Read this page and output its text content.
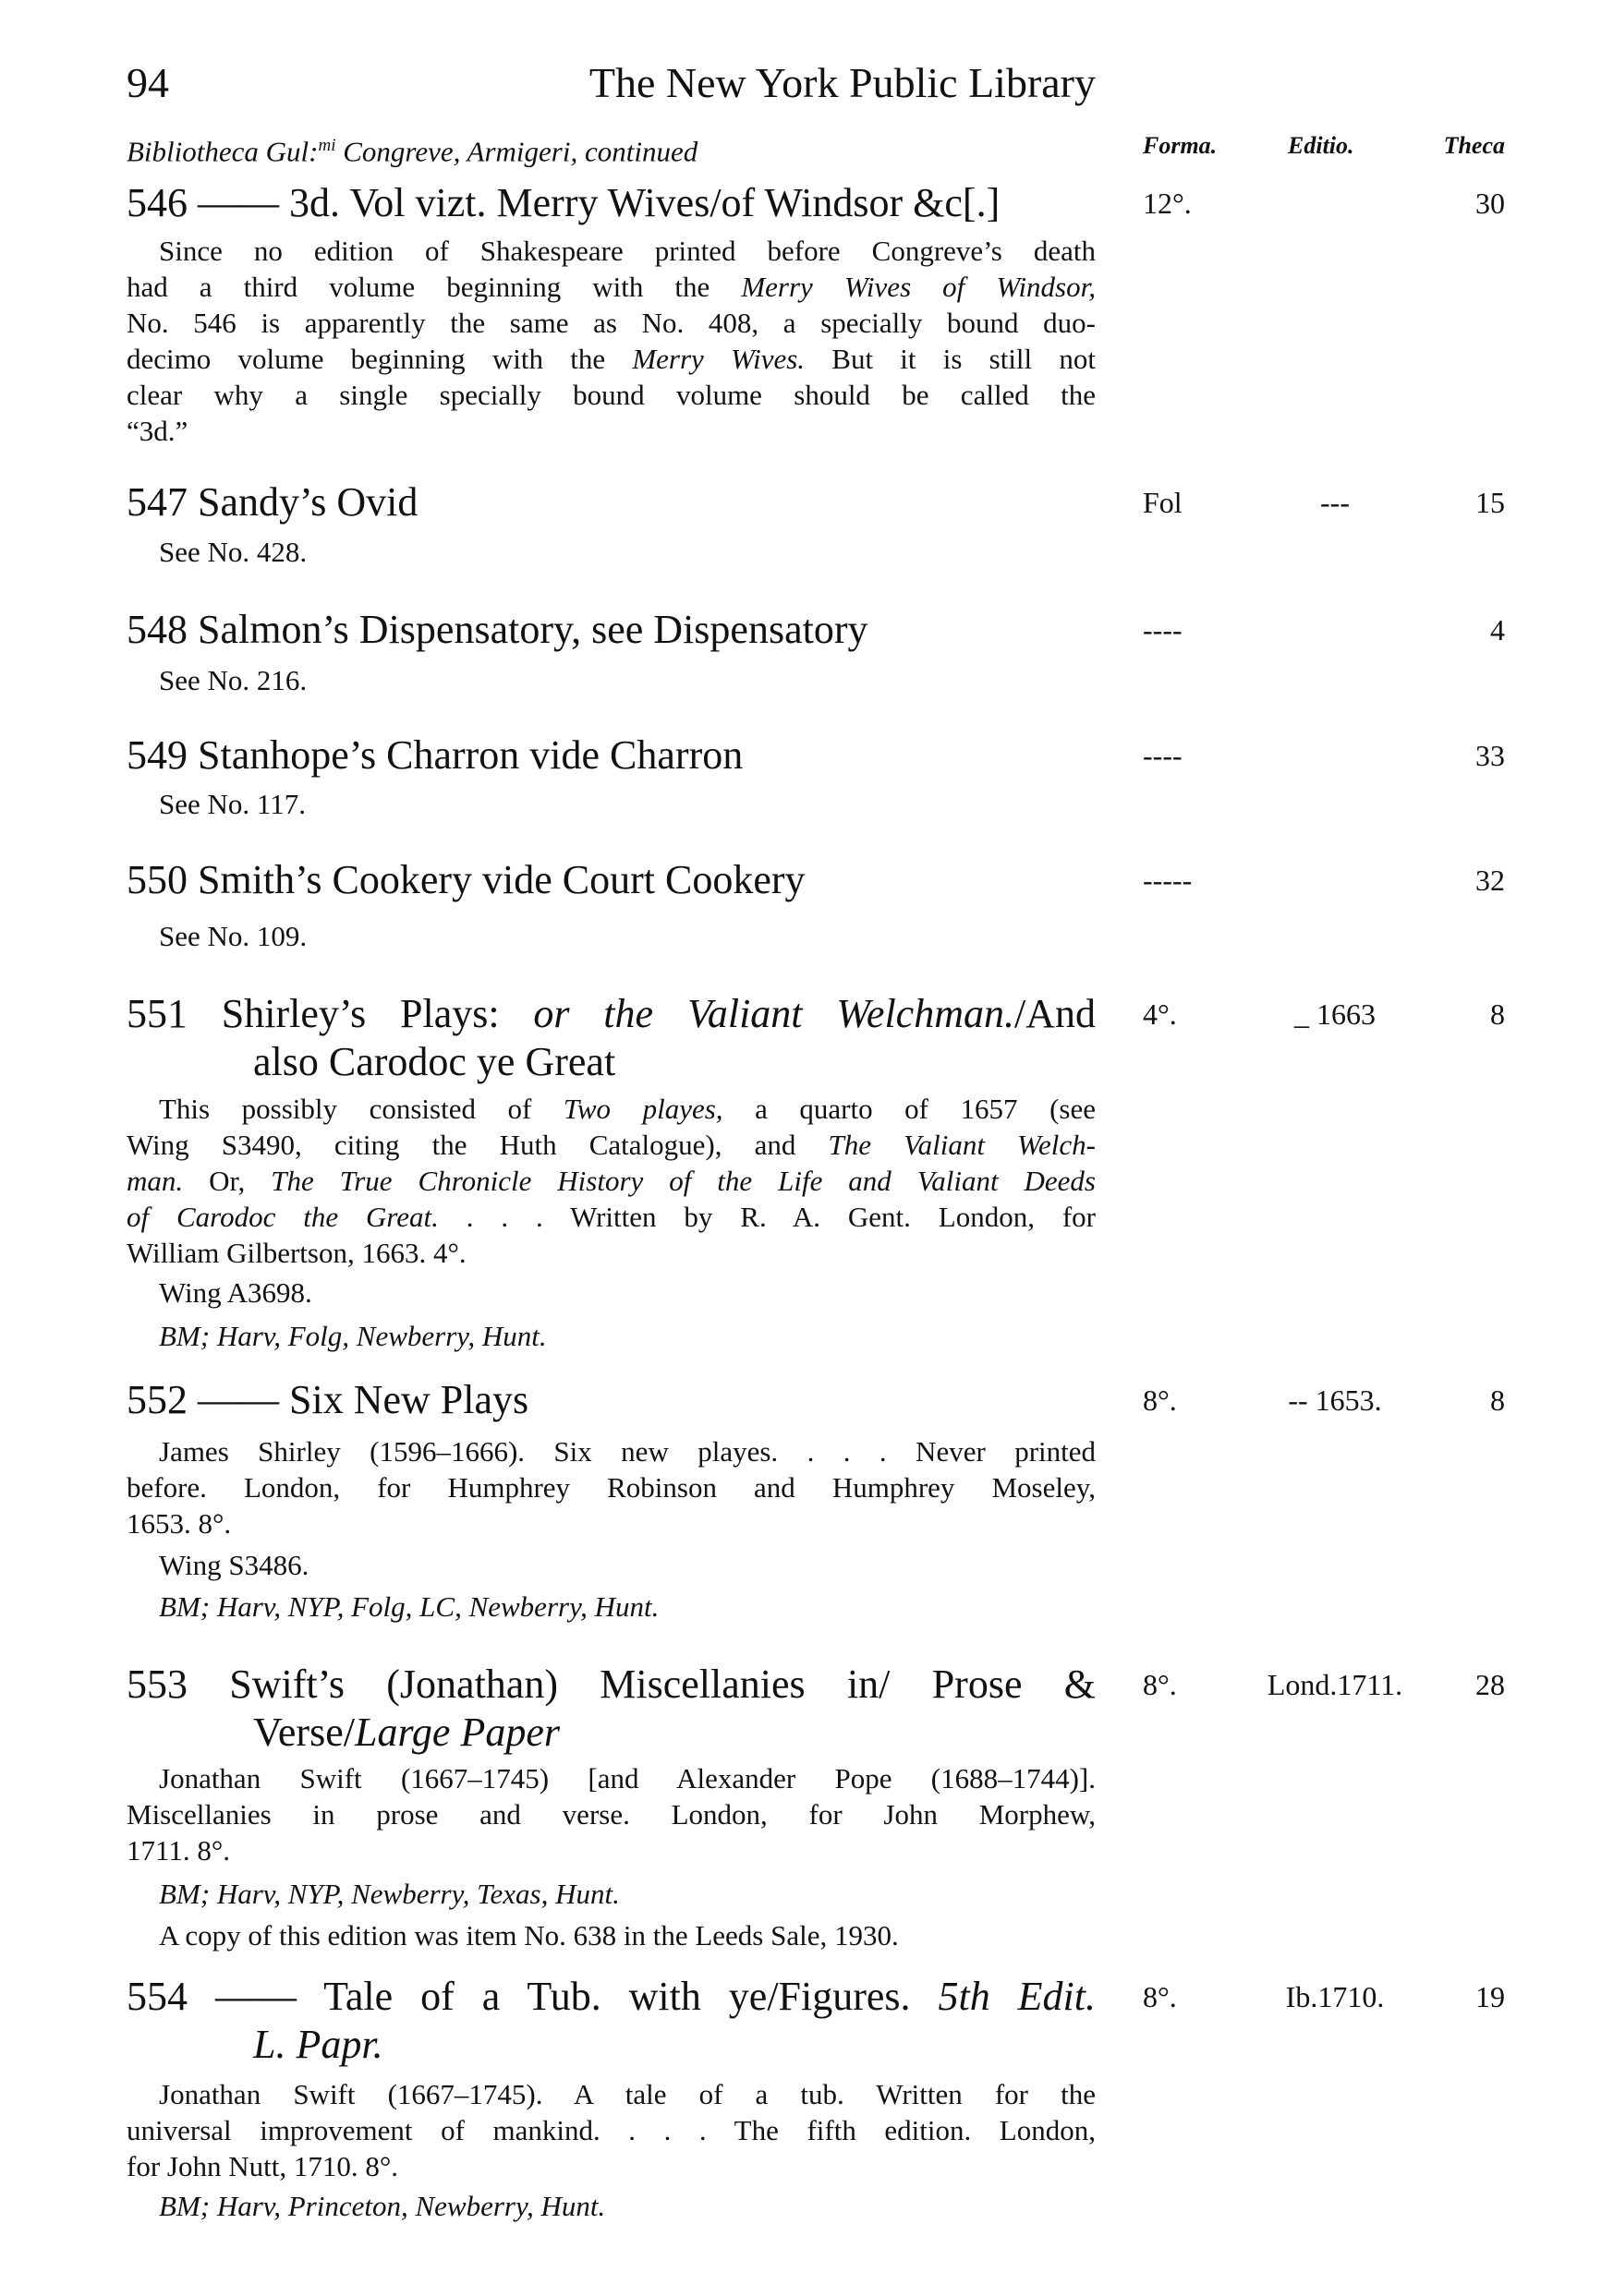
94	The New York Public Library
Bibliotheca Gul:$^{mi}$ Congreve, Armigeri, continued	Forma.	Editio.	Theca
546 —— 3d. Vol vizt. Merry Wives/of Windsor &c[.]	12°.	30
Since no edition of Shakespeare printed before Congreve’s death
had a third volume beginning with the Merry Wives of Windsor,
No. 546 is apparently the same as No. 408, a specially bound duo-
decimo volume beginning with the Merry Wives. But it is still not
clear why a single specially bound volume should be called the
“3d.”
547 Sandy’s Ovid	Fol	---	15
See No. 428.
548 Salmon’s Dispensatory, see Dispensatory	----	4
See No. 216.
549 Stanhope’s Charron vide Charron	----	33
See No. 117.
550 Smith’s Cookery vide Court Cookery	-----	32
See No. 109.
551 Shirley’s Plays: or the Valiant Welchman./And
also Carodoc ye Great
4°.	_ 1663	8
This possibly consisted of Two playes, a quarto of 1657 (see
Wing S3490, citing the Huth Catalogue), and The Valiant Welch-
man. Or, The True Chronicle History of the Life and Valiant Deeds
of Carodoc the Great. . . . Written by R. A. Gent. London, for
William Gilbertson, 1663. 4°.
Wing A3698.
BM; Harv, Folg, Newberry, Hunt.
552 —— Six New Plays	8°.	-- 1653.	8
James Shirley (1596–1666). Six new playes. . . . Never printed
before. London, for Humphrey Robinson and Humphrey Moseley,
1653. 8°.
Wing S3486.
BM; Harv, NYP, Folg, LC, Newberry, Hunt.
553 Swift’s (Jonathan) Miscellanies in/ Prose &
Verse/Large Paper
8°.	Lond.1711.	28
Jonathan Swift (1667–1745) [and Alexander Pope (1688–1744)].
Miscellanies in prose and verse. London, for John Morphew,
1711. 8°.
BM; Harv, NYP, Newberry, Texas, Hunt.
A copy of this edition was item No. 638 in the Leeds Sale, 1930.
554 —— Tale of a Tub. with ye/Figures. 5th Edit.
L. Papr.
8°.	Ib.1710.	19
Jonathan Swift (1667–1745). A tale of a tub. Written for the
universal improvement of mankind. . . . The fifth edition. London,
for John Nutt, 1710. 8°.
BM; Harv, Princeton, Newberry, Hunt.
